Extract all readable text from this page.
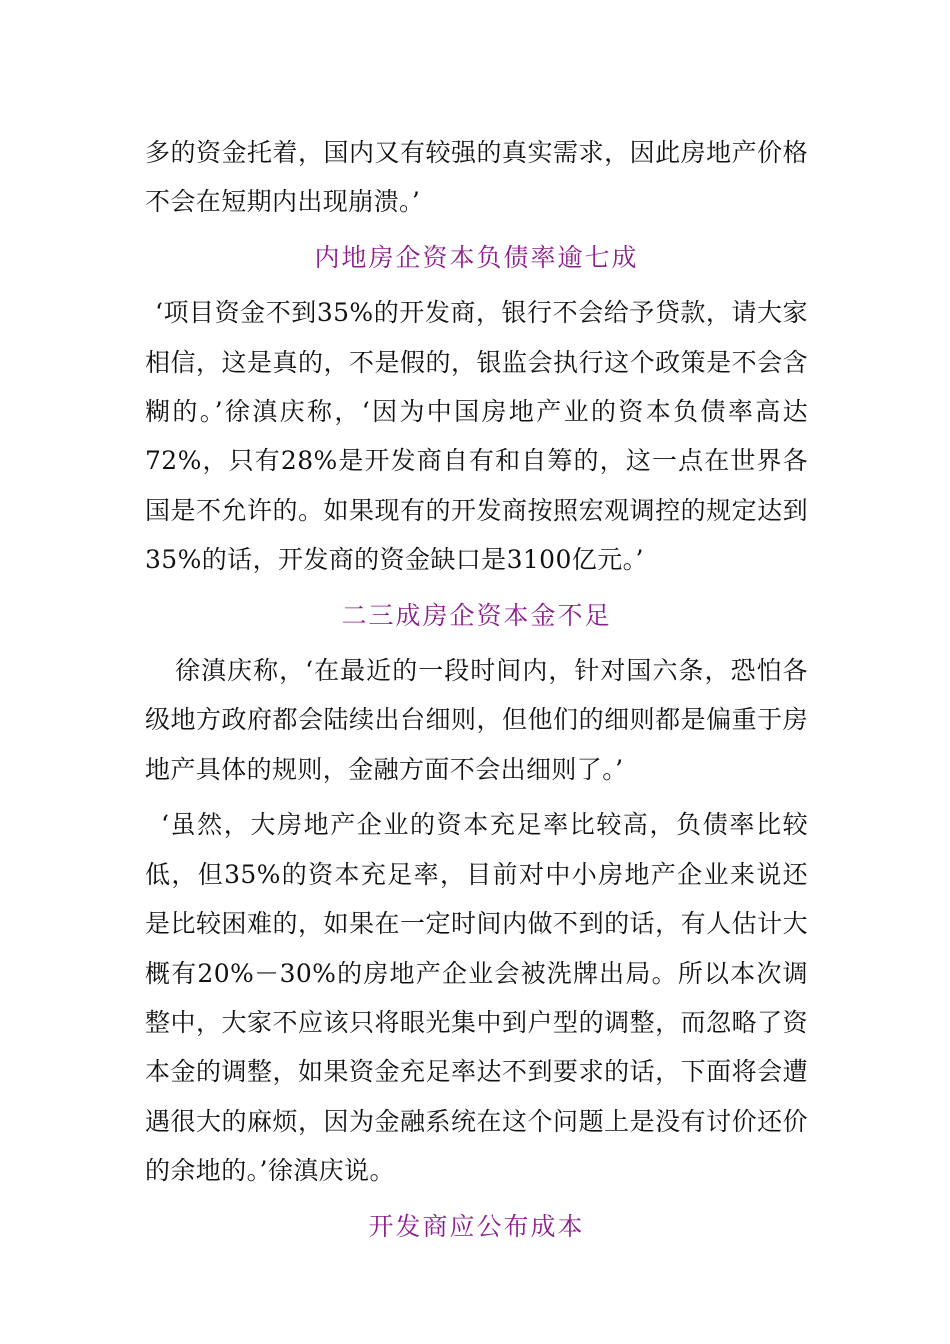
多的资金托着，国内又有较强的真实需求，因此房地产价格不会在短期内出现崩溃。’

内地房企资本负债率逾七成

‘项目资金不到35%的开发商，银行不会给予贷款，请大家相信，这是真的，不是假的，银监会执行这个政策是不会含糊的。’徐滇庆称，‘因为中国房地产业的资本负债率高达72%，只有28%是开发商自有和自筹的，这一点在世界各国是不允许的。如果现有的开发商按照宏观调控的规定达到35%的话，开发商的资金缺口是3100亿元。’

二三成房企资本金不足

徐滇庆称，‘在最近的一段时间内，针对国六条，恐怕各级地方政府都会陆续出台细则，但他们的细则都是偏重于房地产具体的规则，金融方面不会出细则了。’

‘虽然，大房地产企业的资本充足率比较高，负债率比较低，但35%的资本充足率，目前对中小房地产企业来说还是比较困难的，如果在一定时间内做不到的话，有人估计大概有20%－30%的房地产企业会被洗牌出局。所以本次调整中，大家不应该只将眼光集中到户型的调整，而忽略了资本金的调整，如果资金充足率达不到要求的话，下面将会遭遇很大的麻烦，因为金融系统在这个问题上是没有讨价还价的余地的。’徐滇庆说。

开发商应公布成本
